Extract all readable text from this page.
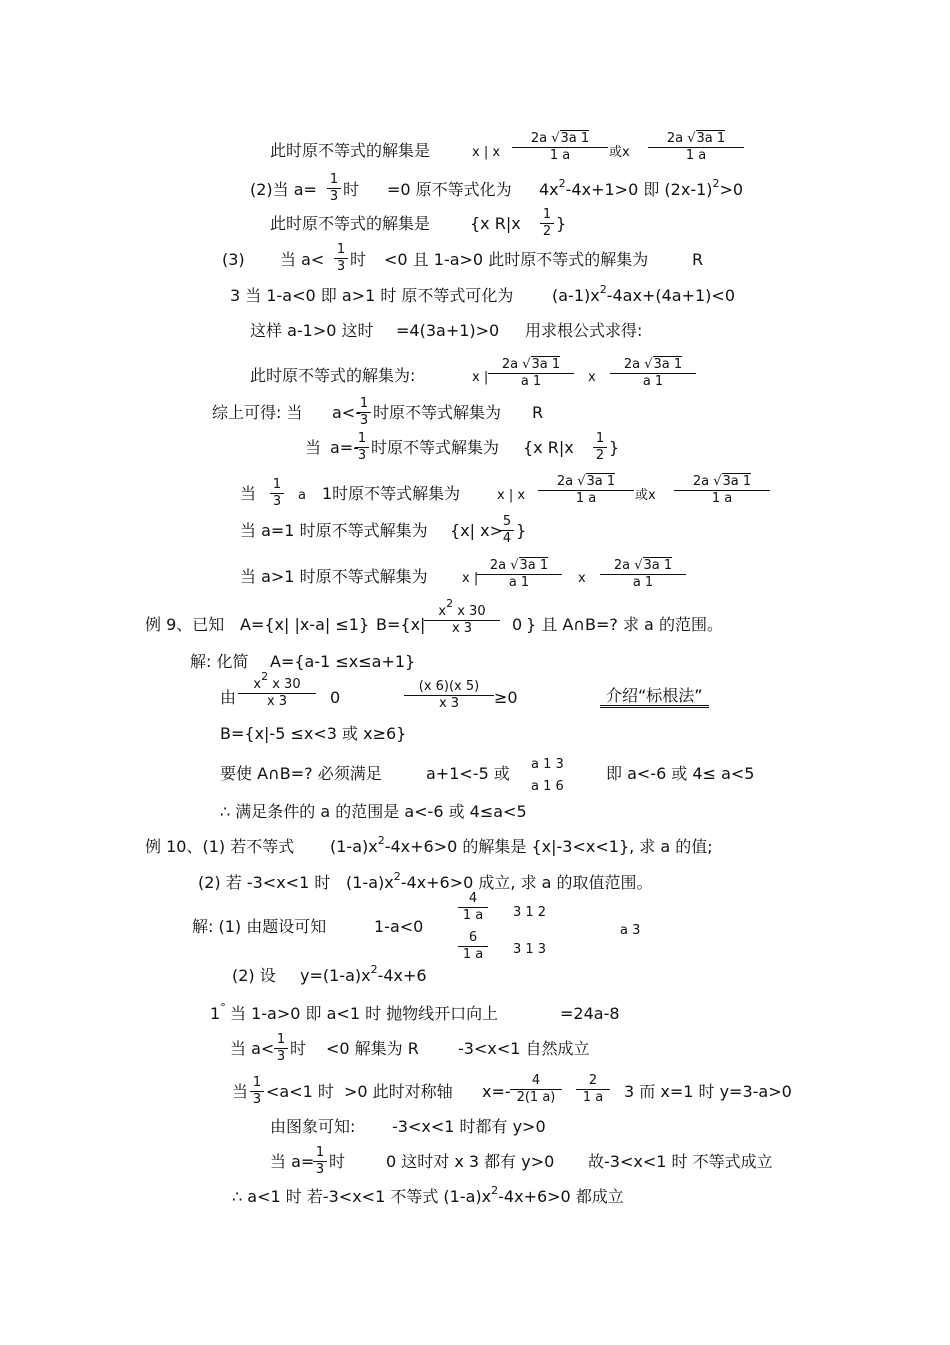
此时原不等式的解集是	x | x
2a √3a 1
1 a	或x
2a √3a 1
1 a
(2)当 a=
1
3 时 =0 原不等式化为 $4x^2-4x+1>0$ 即 $(2x-1)^2>0$
此时原不等式的解集是 {x R|x 1
2 }
(3) 当 a<
1
3 时 <0 且 1-a>0 此时原不等式的解集为	R
3 当 1-a<0 即 a>1 时 原不等式可化为 $(a-1)x^2-4ax+(4a+1)<0$
这样 a-1>0 这时 =4(3a+1)>0 用求根公式求得:
此时原不等式的解集为:	x |
2a √3a 1
a 1	x
2a √3a 1
a 1
综上可得: 当 a<-
1
3 时原不等式解集为 R
当 a=-
1
3 时原不等式解集为 {x R|x 1
2 }
当 1
3 a 1时原不等式解集为	x | x
2a √3a 1
1 a	或x
2a √3a 1
1 a
当 a=1 时原不等式解集为 {x| x> 5
4 }
当 a>1 时原不等式解集为	x |
2a √3a 1
a 1	x
2a √3a 1
a 1
例 9、已知 A={x| |x-a| ≤1} B={x|
$x^2$ x 30
x 3	0 } 且 A∩B=? 求 a 的范围。
解: 化简 A={a-1 ≤x≤a+1}
由
$x^2$ x 30
x 3	0
(x 6)(x 5)
x 3	≥0	介绍“标根法”
B={x|-5 ≤x<3 或 x≥6}
要使 A∩B=? 必须满足	a+1<-5 或 a 1 3
a 1 6
即 a<-6 或 4≤ a<5
∴ 满足条件的 a 的范围是 a<-6 或 4≤a<5
例 10、(1) 若不等式 $(1-a)x^2-4x+6>0$ 的解集是 {x|-3<x<1}, 求 a 的值;
(2) 若 -3<x<1 时 $(1-a)x^2-4x+6>0$ 成立, 求 a 的取值范围。
解: (1) 由题设可知	1-a<0
4
1 a
6
1 a
3 1 2
3 1 3
a 3
(2) 设 $y=(1-a)x^2-4x+6$
1° 当 1-a>0 即 a<1 时 抛物线开口向上	=24a-8
当 a< 1
3 时 <0 解集为 R -3<x<1 自然成立
当 1
3 <a<1 时 >0 此时对称轴 x=-
4
2(1 a)
2
1 a	3 而 x=1 时 y=3-a>0
由图象可知: -3<x<1 时都有 y>0
当 a= 1
3 时	0 这时对 x 3 都有 y>0 故-3<x<1 时 不等式成立
∴ a<1 时 若-3<x<1 不等式 $(1-a)x^2-4x+6>0$ 都成立
